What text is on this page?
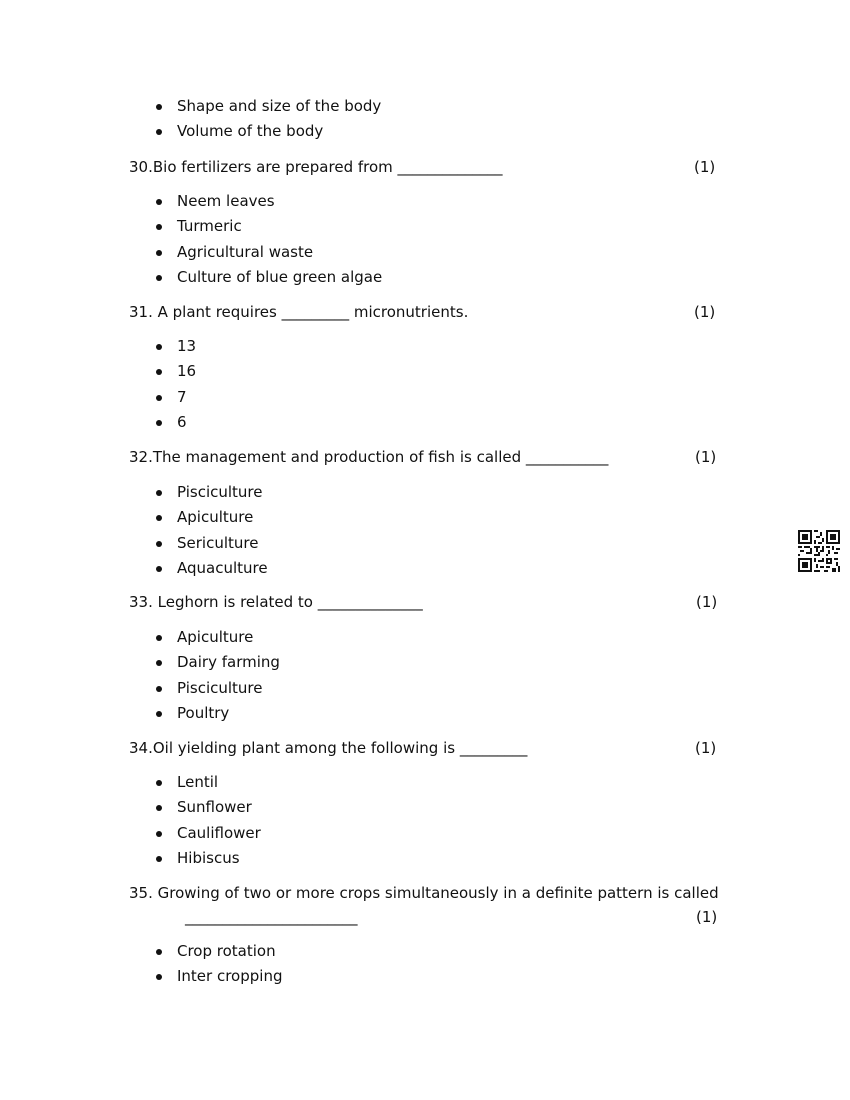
Shape and size of the body
Volume of the body
30.Bio fertilizers are prepared from ______________	(1)
Neem leaves
Turmeric
Agricultural waste
Culture of blue green algae
31. A plant requires _________ micronutrients.	(1)
13
16
7
6
32.The management and production of fish is called ___________	(1)
Pisciculture
Apiculture
Sericulture
Aquaculture
33. Leghorn is related to ______________	(1)
Apiculture
Dairy farming
Pisciculture
Poultry
34.Oil yielding plant among the following is _________	(1)
Lentil
Sunflower
Cauliflower
Hibiscus
35. Growing of two or more crops simultaneously in a definite pattern is called
_______________________	(1)
Crop rotation
Inter cropping
